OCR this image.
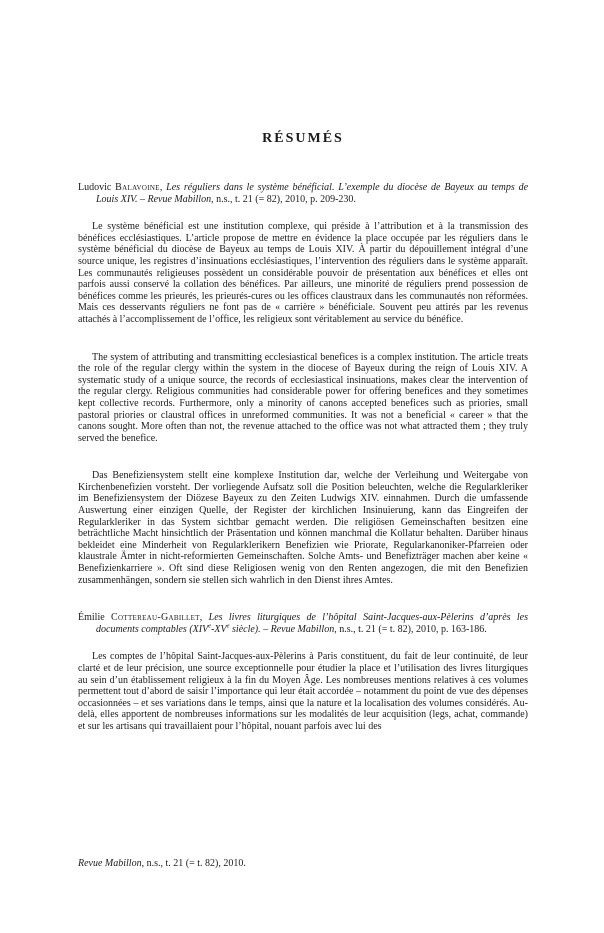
RÉSUMÉS

Ludovic Balavoine, Les réguliers dans le système bénéficial. L’exemple du diocèse de Bayeux au temps de Louis XIV. – Revue Mabillon, n.s., t. 21 (= 82), 2010, p. 209-230.

Le système bénéficial est une institution complexe, qui préside à l’attribution et à la transmission des bénéfices ecclésiastiques. L’article propose de mettre en évidence la place occupée par les réguliers dans le système bénéficial du diocèse de Bayeux au temps de Louis XIV. À partir du dépouillement intégral d’une source unique, les registres d’insinuations ecclésiastiques, l’intervention des réguliers dans le système apparaît. Les communautés religieuses possèdent un considérable pouvoir de présentation aux bénéfices et elles ont parfois aussi conservé la collation des bénéfices. Par ailleurs, une minorité de réguliers prend possession de bénéfices comme les prieurés, les prieurés-cures ou les offices claustraux dans les communautés non réformées. Mais ces desservants réguliers ne font pas de « carrière » bénéficiale. Souvent peu attirés par les revenus attachés à l’accomplissement de l’office, les religieux sont véritablement au service du bénéfice.

The system of attributing and transmitting ecclesiastical benefices is a complex institution. The article treats the role of the regular clergy within the system in the diocese of Bayeux during the reign of Louis XIV. A systematic study of a unique source, the records of ecclesiastical insinuations, makes clear the intervention of the regular clergy. Religious communities had considerable power for offering benefices and they sometimes kept collective records. Furthermore, only a minority of canons accepted benefices such as priories, small pastoral priories or claustral offices in unreformed communities. It was not a beneficial « career » that the canons sought. More often than not, the revenue attached to the office was not what attracted them ; they truly served the benefice.

Das Benefiziensystem stellt eine komplexe Institution dar, welche der Verleihung und Weitergabe von Kirchenbenefizien vorsteht. Der vorliegende Aufsatz soll die Position beleuchten, welche die Regularkleriker im Benefiziensystem der Diözese Bayeux zu den Zeiten Ludwigs XIV. einnahmen. Durch die umfassende Auswertung einer einzigen Quelle, der Register der kirchlichen Insinuierung, kann das Eingreifen der Regularkleriker in das System sichtbar gemacht werden. Die religiösen Gemeinschaften besitzen eine beträchtliche Macht hinsichtlich der Präsentation und können manchmal die Kollatur behalten. Darüber hinaus bekleidet eine Minderheit von Regularklerikern Benefizien wie Priorate, Regularkanoniker-Pfarreien oder klaustrale Ämter in nicht-reformierten Gemeinschaften. Solche Amts- und Benefizträger machen aber keine « Benefizienkarriere ». Oft sind diese Religiosen wenig von den Renten angezogen, die mit den Benefizien zusammenhängen, sondern sie stellen sich wahrlich in den Dienst ihres Amtes.

Émilie Cottereau-Gabillet, Les livres liturgiques de l’hôpital Saint-Jacques-aux-Pèlerins d’après les documents comptables (XIVe-XVe siècle). – Revue Mabillon, n.s., t. 21 (= t. 82), 2010, p. 163-186.

Les comptes de l’hôpital Saint-Jacques-aux-Pèlerins à Paris constituent, du fait de leur continuité, de leur clarté et de leur précision, une source exceptionnelle pour étudier la place et l’utilisation des livres liturgiques au sein d’un établissement religieux à la fin du Moyen Âge. Les nombreuses mentions relatives à ces volumes permettent tout d’abord de saisir l’importance qui leur était accordée – notamment du point de vue des dépenses occasionnées – et ses variations dans le temps, ainsi que la nature et la localisation des volumes considérés. Au-delà, elles apportent de nombreuses informations sur les modalités de leur acquisition (legs, achat, commande) et sur les artisans qui travaillaient pour l’hôpital, nouant parfois avec lui des

Revue Mabillon, n.s., t. 21 (= t. 82), 2010.
